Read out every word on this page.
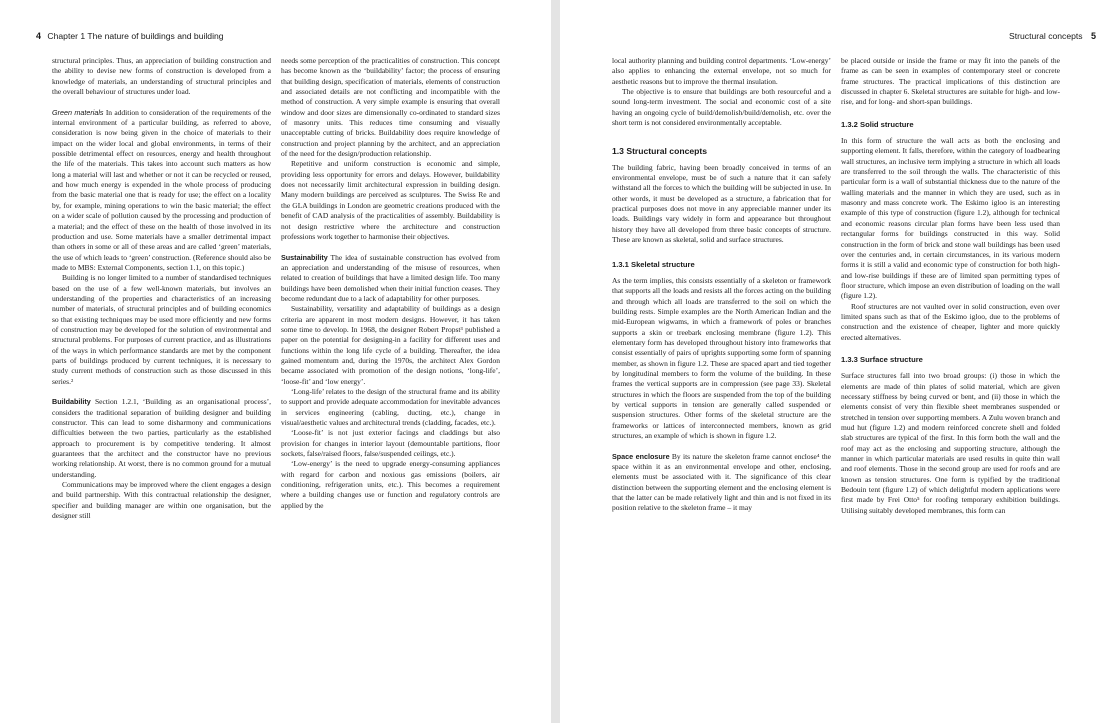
4 Chapter 1 The nature of buildings and building

structural principles. Thus, an appreciation of building construction and the ability to devise new forms of construction is developed from a knowledge of materials, an understanding of structural principles and the overall behaviour of structures under load.

Green materials In addition to consideration of the requirements of the internal environment of a particular building, as referred to above, consideration is now being given in the choice of materials to their impact on the wider local and global environments, in terms of their possible detrimental effect on resources, energy and health throughout the life of the materials. This takes into account such matters as how long a material will last and whether or not it can be recycled or reused, and how much energy is expended in the whole process of producing from the basic material one that is ready for use; the effect on a locality by, for example, mining operations to win the basic material; the effect on a wider scale of pollution caused by the processing and production of a material; and the effect of these on the health of those involved in its production and use. Some materials have a smaller detrimental impact than others in some or all of these areas and are called ‘green’ materials, the use of which leads to ‘green’ construction. (Reference should also be made to MBS: External Components, section 1.1, on this topic.)

Building is no longer limited to a number of standardised techniques based on the use of a few well-known materials, but involves an understanding of the properties and characteristics of an increasing number of materials, of structural principles and of building economics so that existing techniques may be used more efficiently and new forms of construction may be developed for the solution of environmental and structural problems. For purposes of current practice, and as illustrations of the ways in which performance standards are met by the component parts of buildings produced by current techniques, it is necessary to study current methods of construction such as those discussed in this series.²

Buildability Section 1.2.1, ‘Building as an organisational process’, considers the traditional separation of building designer and building constructor. This can lead to some disharmony and communications difficulties between the two parties, particularly as the established approach to procurement is by competitive tendering. It almost guarantees that the architect and the constructor have no previous working relationship. At worst, there is no common ground for a mutual understanding.

Communications may be improved where the client engages a design and build partnership. With this contractual relationship the designer, specifier and building manager are within one organisation, but the designer still

needs some perception of the practicalities of construction. This concept has become known as the ‘buildability’ factor; the process of ensuring that building design, specification of materials, elements of construction and associated details are not conflicting and incompatible with the method of construction. A very simple example is ensuring that overall window and door sizes are dimensionally co-ordinated to standard sizes of masonry units. This reduces time consuming and visually unacceptable cutting of bricks. Buildability does require knowledge of construction and project planning by the architect, and an appreciation of the need for the design/production relationship.

Repetitive and uniform construction is economic and simple, providing less opportunity for errors and delays. However, buildability does not necessarily limit architectural expression in building design. Many modern buildings are perceived as sculptures. The Swiss Re and the GLA buildings in London are geometric creations produced with the benefit of CAD analysis of the practicalities of assembly. Buildability is not design restrictive where the architecture and construction professions work together to harmonise their objectives.

Sustainability The idea of sustainable construction has evolved from an appreciation and understanding of the misuse of resources, when related to creation of buildings that have a limited design life. Too many buildings have been demolished when their initial function ceases. They become redundant due to a lack of adaptability for other purposes.

Sustainability, versatility and adaptability of buildings as a design criteria are apparent in most modern designs. However, it has taken some time to develop. In 1968, the designer Robert Propst³ published a paper on the potential for designing-in a facility for different uses and functions within the long life cycle of a building. Thereafter, the idea gained momentum and, during the 1970s, the architect Alex Gordon became associated with promotion of the design notions, ‘long-life’, ‘loose-fit’ and ‘low energy’.

‘Long-life’ relates to the design of the structural frame and its ability to support and provide adequate accommodation for inevitable advances in services engineering (cabling, ducting, etc.), change in visual/aesthetic values and architectural trends (cladding, facades, etc.).

‘Loose-fit’ is not just exterior facings and claddings but also provision for changes in interior layout (demountable partitions, floor sockets, false/raised floors, false/suspended ceilings, etc.).

‘Low-energy’ is the need to upgrade energy-consuming appliances with regard for carbon and noxious gas emissions (boilers, air conditioning, refrigeration units, etc.). This becomes a requirement where a building changes use or function and regulatory controls are applied by the

Structural concepts 5

local authority planning and building control departments. ‘Low-energy’ also applies to enhancing the external envelope, not so much for aesthetic reasons but to improve the thermal insulation.

The objective is to ensure that buildings are both resourceful and a sound long-term investment. The social and economic cost of a site having an ongoing cycle of build/demolish/build/demolish, etc. over the short term is not considered environmentally acceptable.

1.3 Structural concepts

The building fabric, having been broadly conceived in terms of an environmental envelope, must be of such a nature that it can safely withstand all the forces to which the building will be subjected in use. In other words, it must be developed as a structure, a fabrication that for practical purposes does not move in any appreciable manner under its loads. Buildings vary widely in form and appearance but throughout history they have all developed from three basic concepts of structure. These are known as skeletal, solid and surface structures.

1.3.1 Skeletal structure

As the term implies, this consists essentially of a skeleton or framework that supports all the loads and resists all the forces acting on the building and through which all loads are transferred to the soil on which the building rests. Simple examples are the North American Indian and the mid-European wigwams, in which a framework of poles or branches supports a skin or treebark enclosing membrane (figure 1.2). This elementary form has developed throughout history into frameworks that consist essentially of pairs of uprights supporting some form of spanning member, as shown in figure 1.2. These are spaced apart and tied together by longitudinal members to form the volume of the building. In these frames the vertical supports are in compression (see page 33). Skeletal structures in which the floors are suspended from the top of the building by vertical supports in tension are generally called suspended or suspension structures. Other forms of the skeletal structure are the frameworks or lattices of interconnected members, known as grid structures, an example of which is shown in figure 1.2.

Space enclosure By its nature the skeleton frame cannot enclose⁴ the space within it as an environmental envelope and other, enclosing, elements must be associated with it. The significance of this clear distinction between the supporting element and the enclosing element is that the latter can be made relatively light and thin and is not fixed in its position relative to the skeleton frame – it may

be placed outside or inside the frame or may fit into the panels of the frame as can be seen in examples of contemporary steel or concrete frame structures. The practical implications of this distinction are discussed in chapter 6. Skeletal structures are suitable for high- and low-rise, and for long- and short-span buildings.

1.3.2 Solid structure

In this form of structure the wall acts as both the enclosing and supporting element. It falls, therefore, within the category of loadbearing wall structures, an inclusive term implying a structure in which all loads are transferred to the soil through the walls. The characteristic of this particular form is a wall of substantial thickness due to the nature of the walling materials and the manner in which they are used, such as in masonry and mass concrete work. The Eskimo igloo is an interesting example of this type of construction (figure 1.2), although for technical and economic reasons circular plan forms have been less used than rectangular forms for buildings constructed in this way. Solid construction in the form of brick and stone wall buildings has been used over the centuries and, in certain circumstances, in its various modern forms it is still a valid and economic type of construction for both high- and low-rise buildings if these are of limited span permitting types of floor structure, which impose an even distribution of loading on the wall (figure 1.2).

Roof structures are not vaulted over in solid construction, even over limited spans such as that of the Eskimo igloo, due to the problems of construction and the existence of cheaper, lighter and more quickly erected alternatives.

1.3.3 Surface structure

Surface structures fall into two broad groups: (i) those in which the elements are made of thin plates of solid material, which are given necessary stiffness by being curved or bent, and (ii) those in which the elements consist of very thin flexible sheet membranes suspended or stretched in tension over supporting members. A Zulu woven branch and mud hut (figure 1.2) and modern reinforced concrete shell and folded slab structures are typical of the first. In this form both the wall and the roof may act as the enclosing and supporting structure, although the manner in which particular materials are used results in quite thin wall and roof elements. Those in the second group are used for roofs and are known as tension structures. One form is typified by the traditional Bedouin tent (figure 1.2) of which delightful modern applications were first made by Frei Otto⁵ for roofing temporary exhibition buildings. Utilising suitably developed membranes, this form can
